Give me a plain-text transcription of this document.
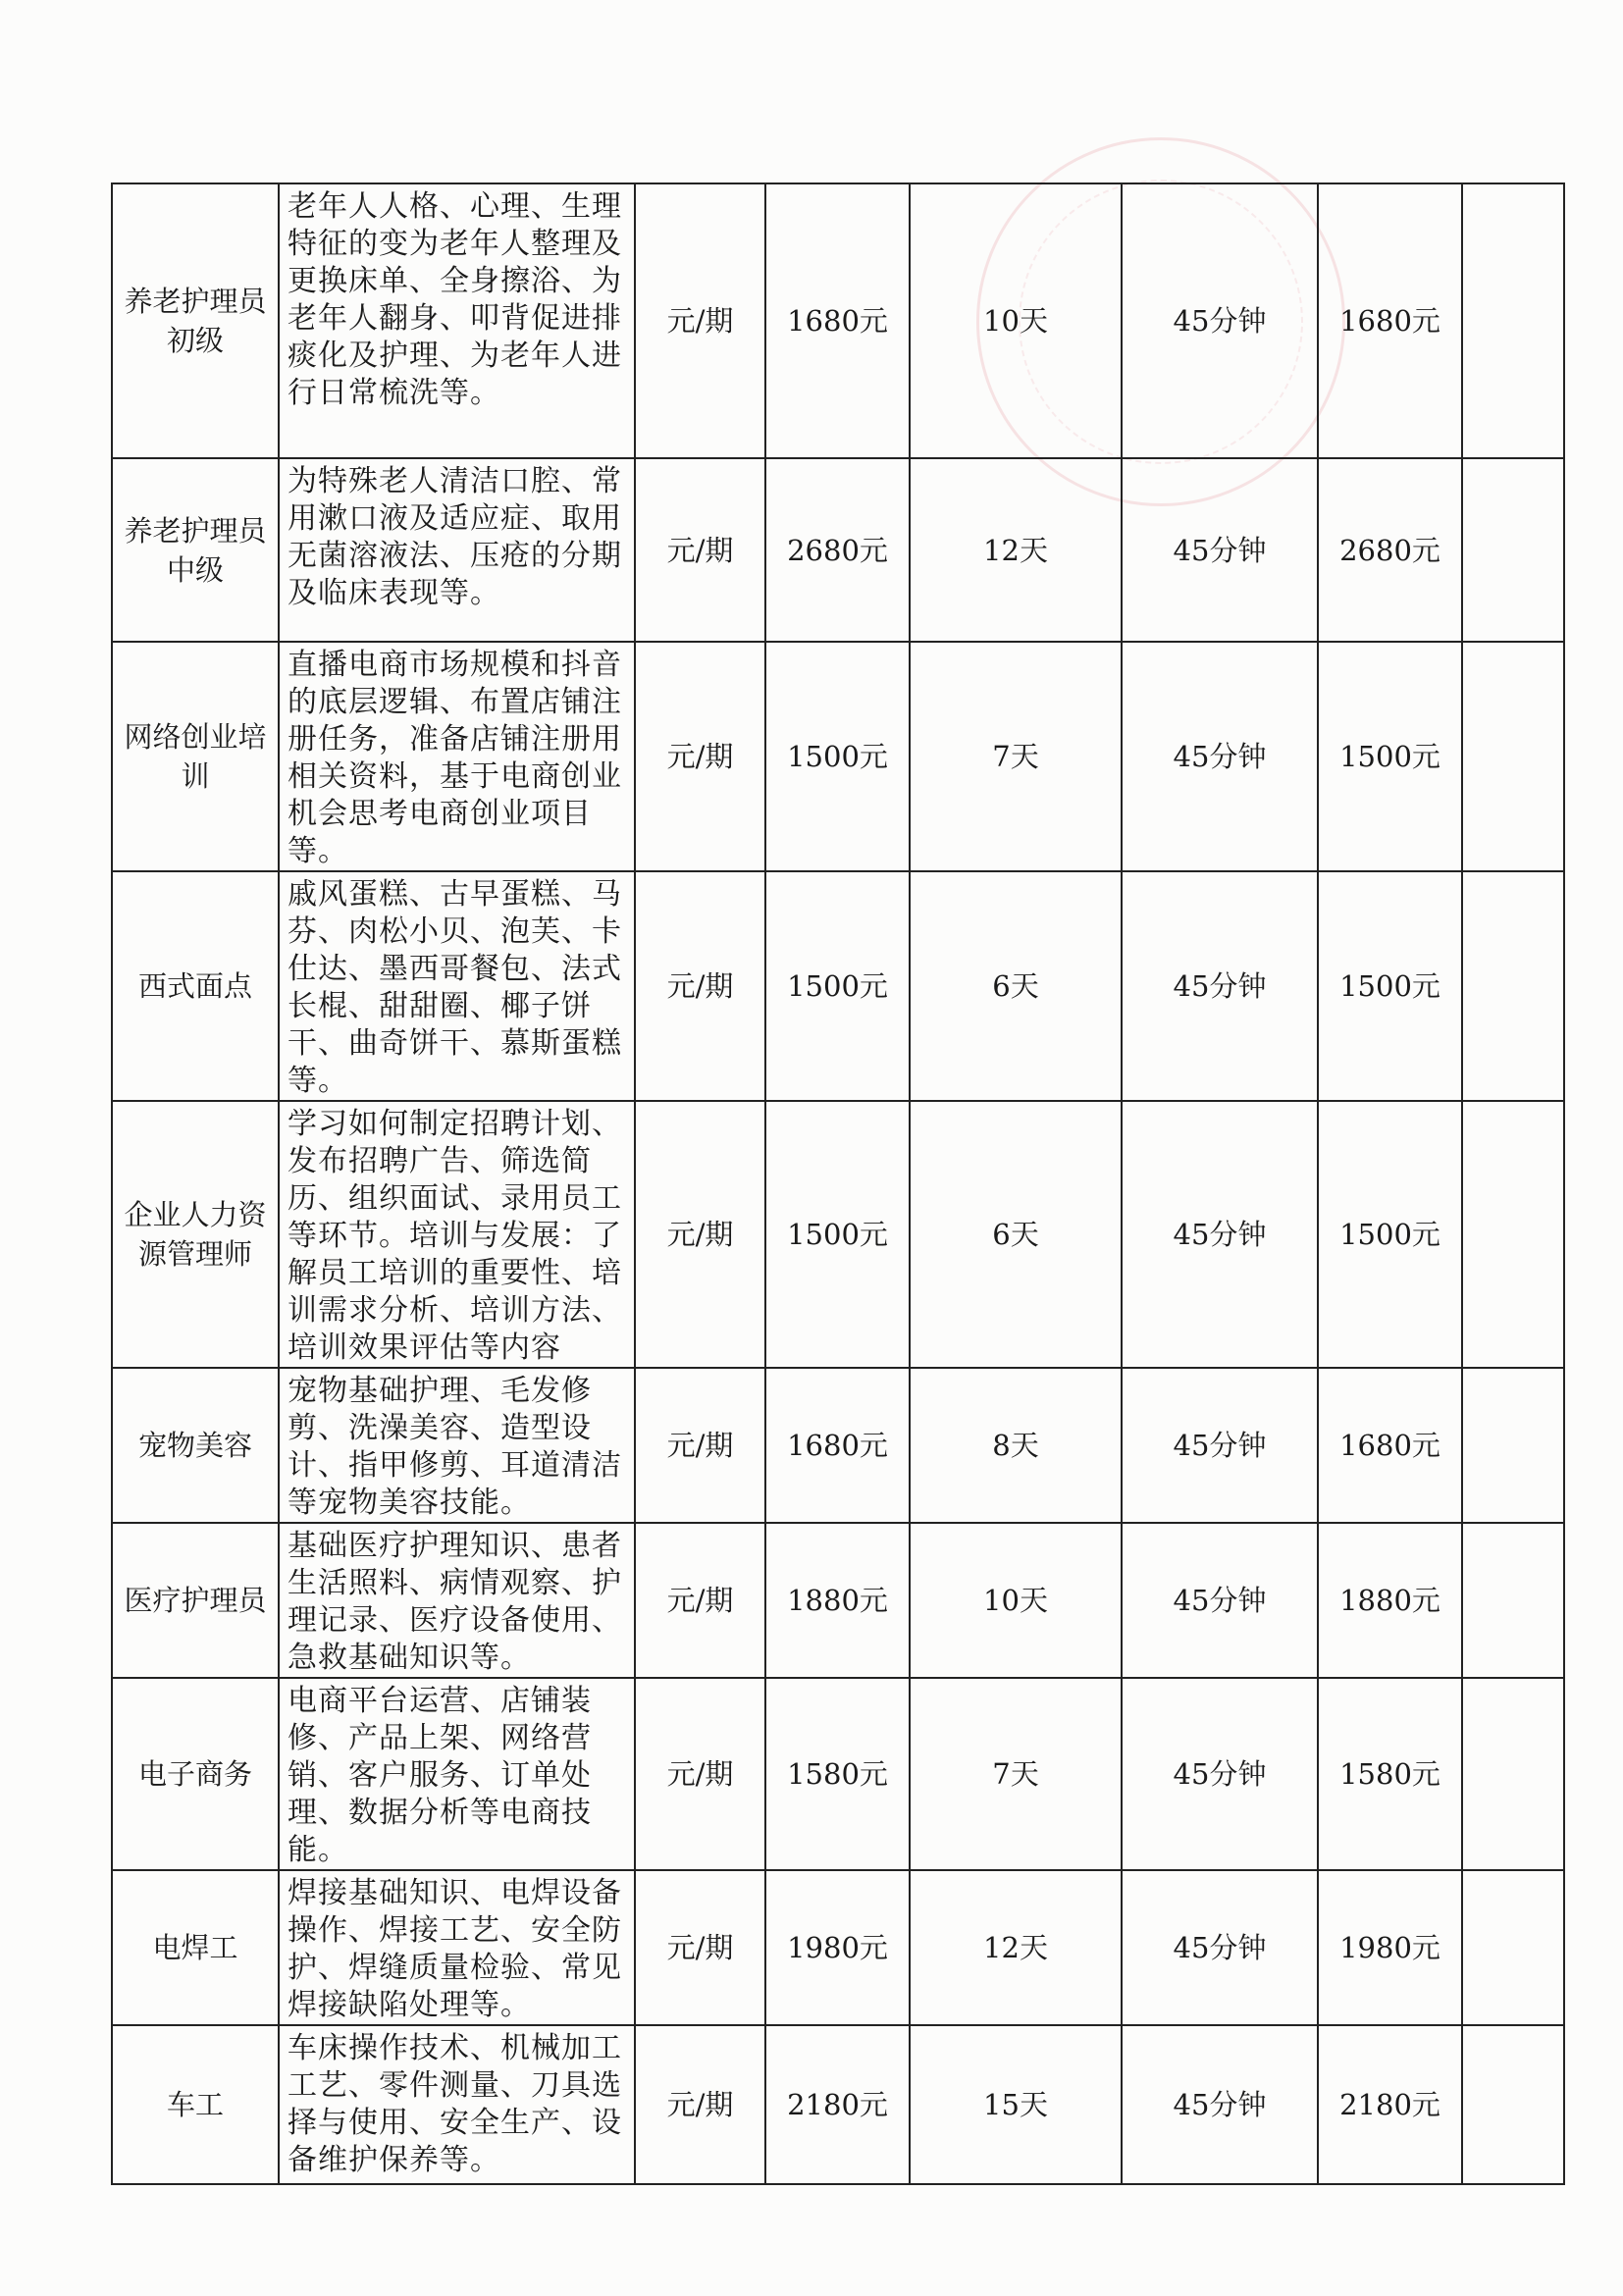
养老护理员初级	老年人人格、心理、生理特征的变为老年人整理及更换床单、全身擦浴、为老年人翻身、叩背促进排痰化及护理、为老年人进行日常梳洗等。	元/期	1680元	10天	45分钟	1680元	
养老护理员中级	为特殊老人清洁口腔、常用漱口液及适应症、取用无菌溶液法、压疮的分期及临床表现等。	元/期	2680元	12天	45分钟	2680元	
网络创业培训	直播电商市场规模和抖音的底层逻辑、布置店铺注册任务，准备店铺注册用相关资料，基于电商创业机会思考电商创业项目等。	元/期	1500元	7天	45分钟	1500元	
西式面点	戚风蛋糕、古早蛋糕、马芬、肉松小贝、泡芙、卡仕达、墨西哥餐包、法式长棍、甜甜圈、椰子饼干、曲奇饼干、慕斯蛋糕等。	元/期	1500元	6天	45分钟	1500元	
企业人力资源管理师	学习如何制定招聘计划、发布招聘广告、筛选简历、组织面试、录用员工等环节。培训与发展：了解员工培训的重要性、培训需求分析、培训方法、培训效果评估等内容	元/期	1500元	6天	45分钟	1500元	
宠物美容	宠物基础护理、毛发修剪、洗澡美容、造型设计、指甲修剪、耳道清洁等宠物美容技能。	元/期	1680元	8天	45分钟	1680元	
医疗护理员	基础医疗护理知识、患者生活照料、病情观察、护理记录、医疗设备使用、急救基础知识等。	元/期	1880元	10天	45分钟	1880元	
电子商务	电商平台运营、店铺装修、产品上架、网络营销、客户服务、订单处理、数据分析等电商技能。	元/期	1580元	7天	45分钟	1580元	
电焊工	焊接基础知识、电焊设备操作、焊接工艺、安全防护、焊缝质量检验、常见焊接缺陷处理等。	元/期	1980元	12天	45分钟	1980元	
车工	车床操作技术、机械加工工艺、零件测量、刀具选择与使用、安全生产、设备维护保养等。	元/期	2180元	15天	45分钟	2180元	
